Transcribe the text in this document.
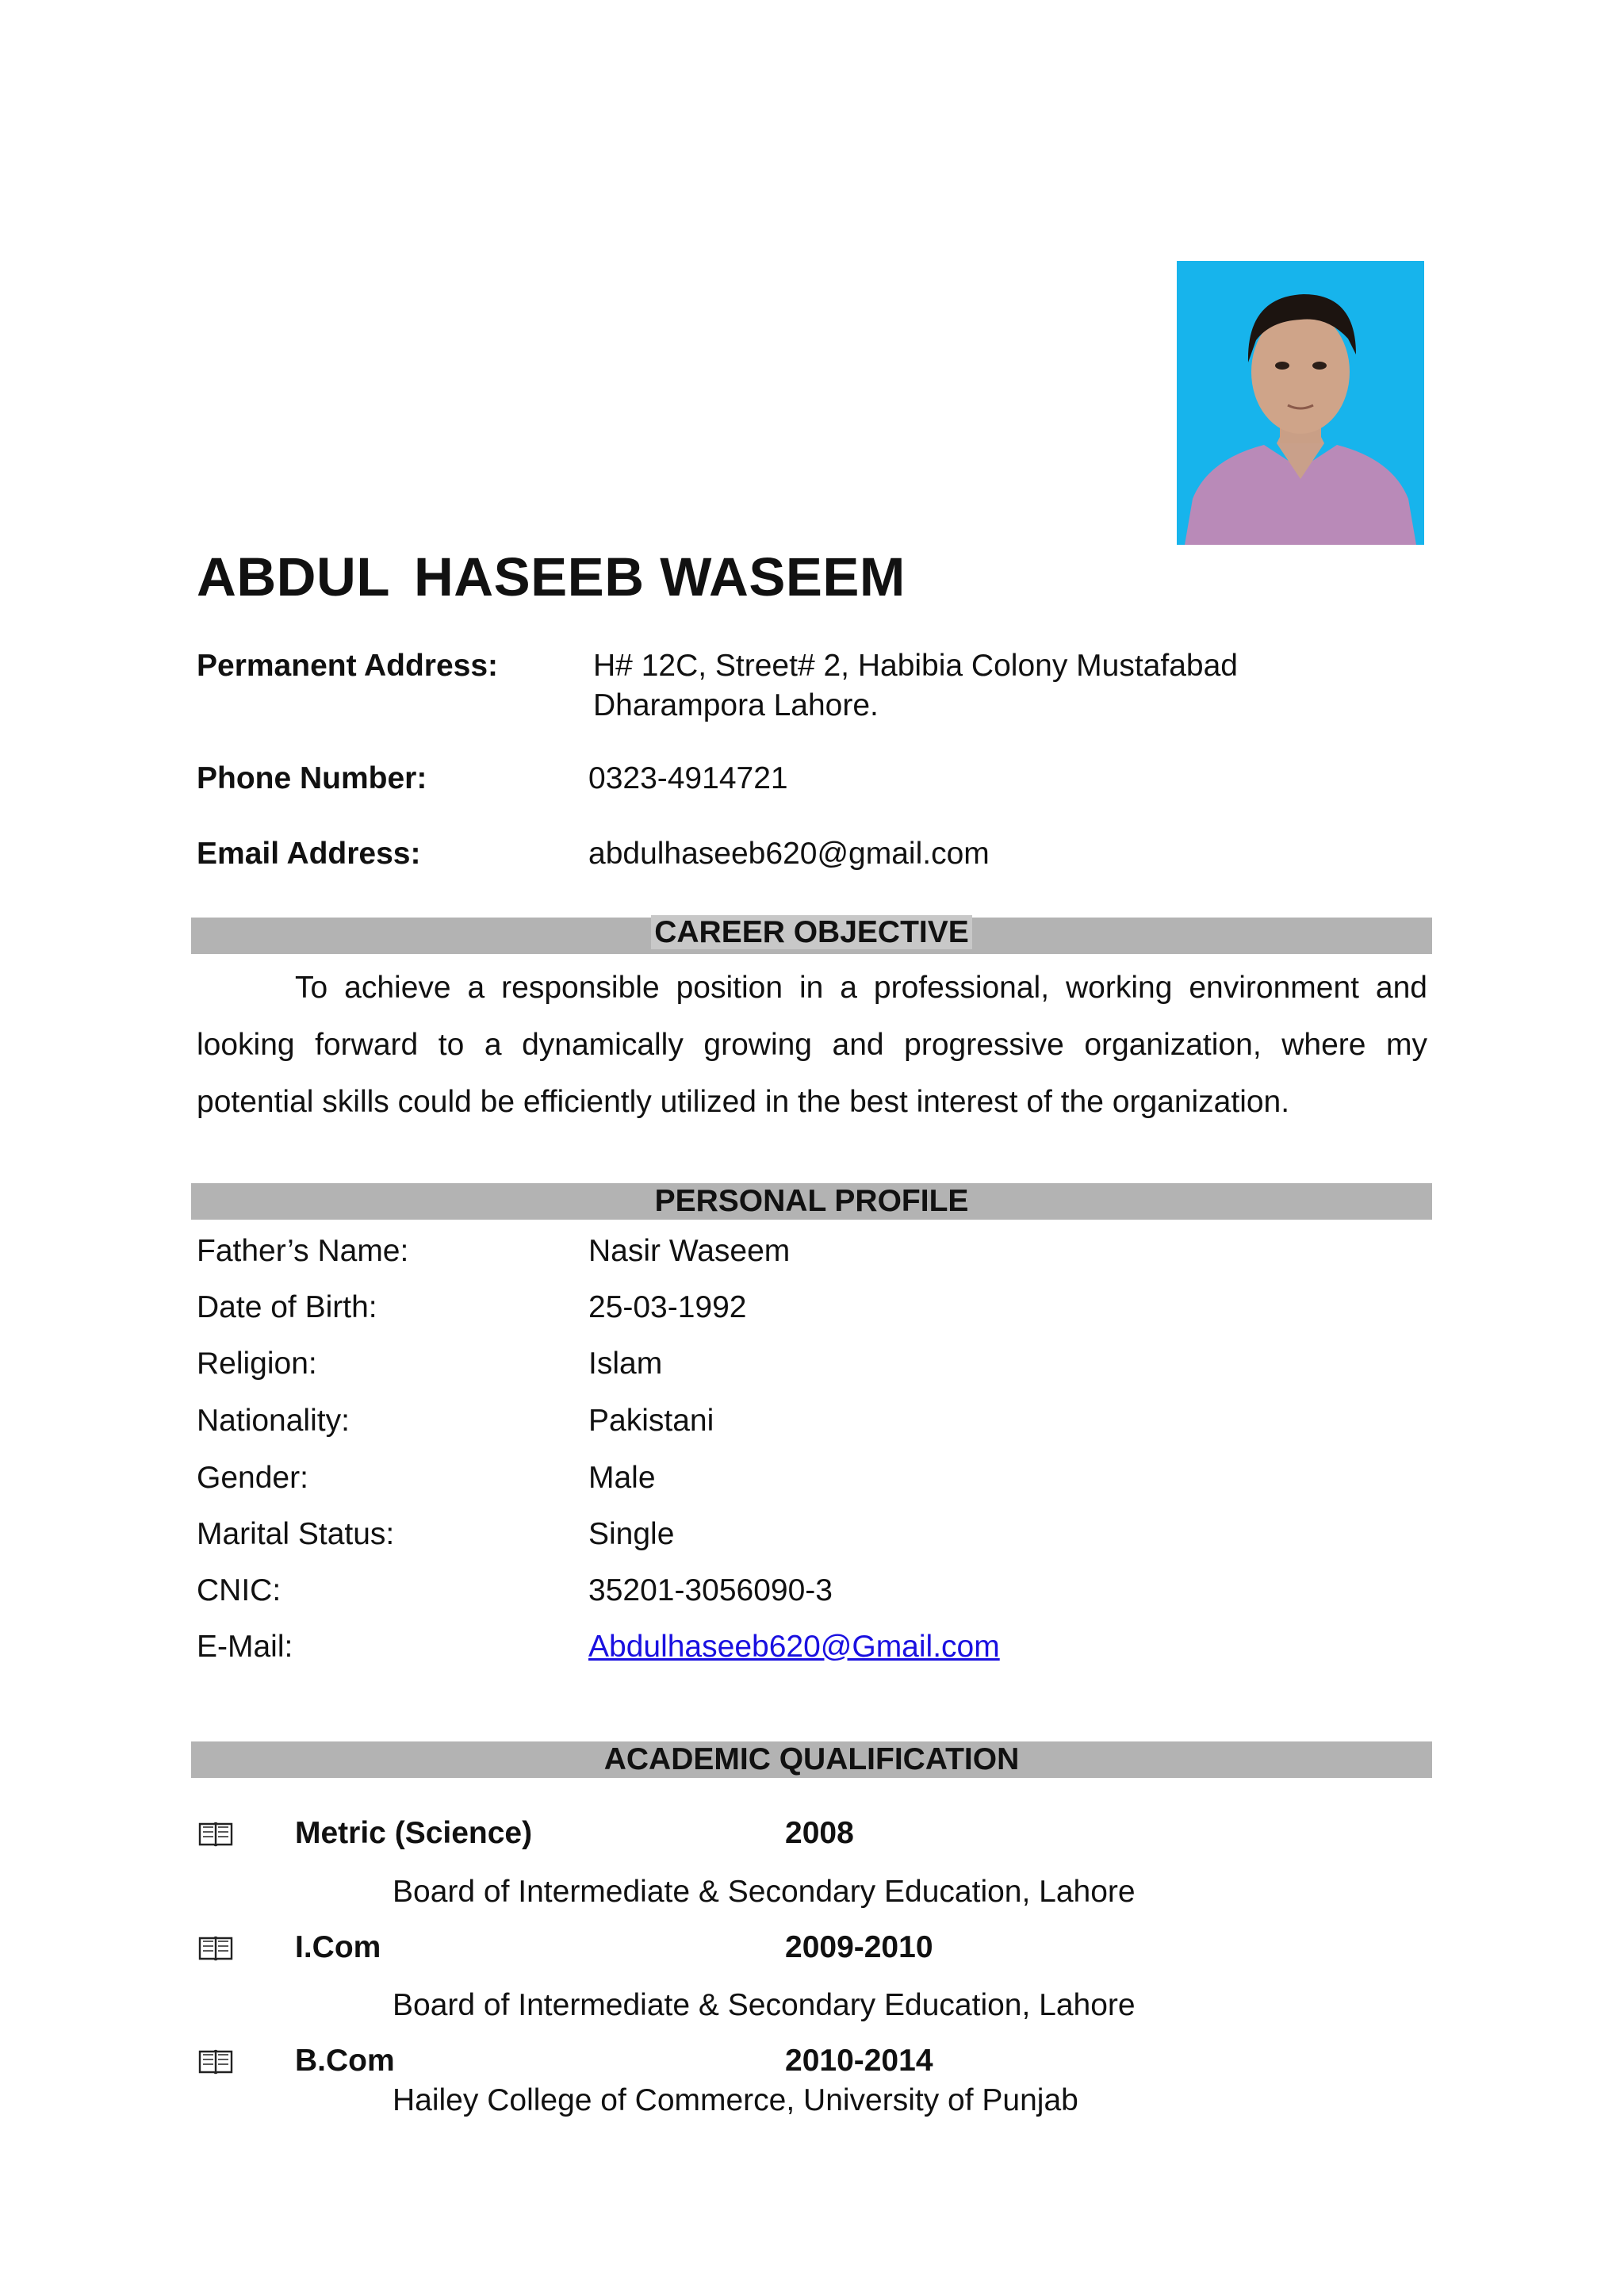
ABDUL HASEEB WASEEM
Permanent Address:	H# 12C, Street# 2, Habibia Colony Mustafabad
Dharampora Lahore.
Phone Number:	0323-4914721
Email Address:	abdulhaseeb620@gmail.com
CAREER OBJECTIVE

To achieve a responsible position in a professional, working environment and looking forward to a dynamically growing and progressive organization, where my potential skills could be efficiently utilized in the best interest of the organization.

PERSONAL PROFILE
Father’s Name:	Nasir Waseem
Date of Birth:	25-03-1992
Religion:	Islam
Nationality:	Pakistani
Gender:	Male
Marital Status:	Single
CNIC:	35201-3056090-3
E-Mail:	Abdulhaseeb620@Gmail.com
ACADEMIC QUALIFICATION
Metric (Science)	2008
Board of Intermediate & Secondary Education, Lahore
I.Com	2009-2010
Board of Intermediate & Secondary Education, Lahore
B.Com	2010-2014
Hailey College of Commerce, University of Punjab
